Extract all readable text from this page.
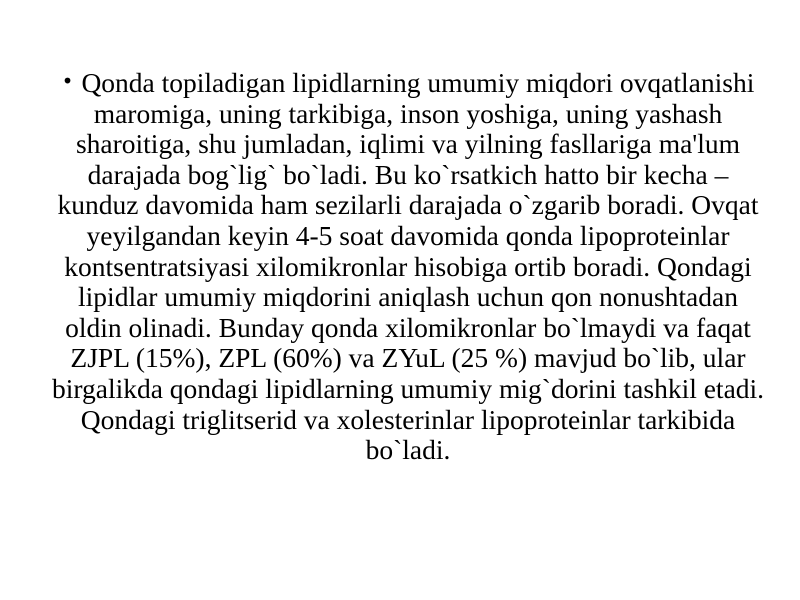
• Qonda topiladigan lipidlarning umumiy miqdori ovqatlanishi maromiga, uning tarkibiga, inson yoshiga, uning yashash sharoitiga, shu jumladan, iqlimi va yilning fasllariga ma'lum darajada bog`lig` bo`ladi. Bu ko`rsatkich hatto bir kecha – kunduz davomida ham sezilarli darajada o`zgarib boradi. Ovqat yeyilgandan keyin 4-5 soat davomida qonda lipoproteinlar kontsentratsiyasi xilomikronlar hisobiga ortib boradi. Qondagi lipidlar umumiy miqdorini aniqlash uchun qon nonushtadan oldin olinadi. Bunday qonda xilomikronlar bo`lmaydi va faqat ZJPL (15%), ZPL (60%) va ZYuL (25 %) mavjud bo`lib, ular birgalikda qondagi lipidlarning umumiy mig`dorini tashkil etadi. Qondagi triglitserid va xolesterinlar lipoproteinlar tarkibida bo`ladi.
